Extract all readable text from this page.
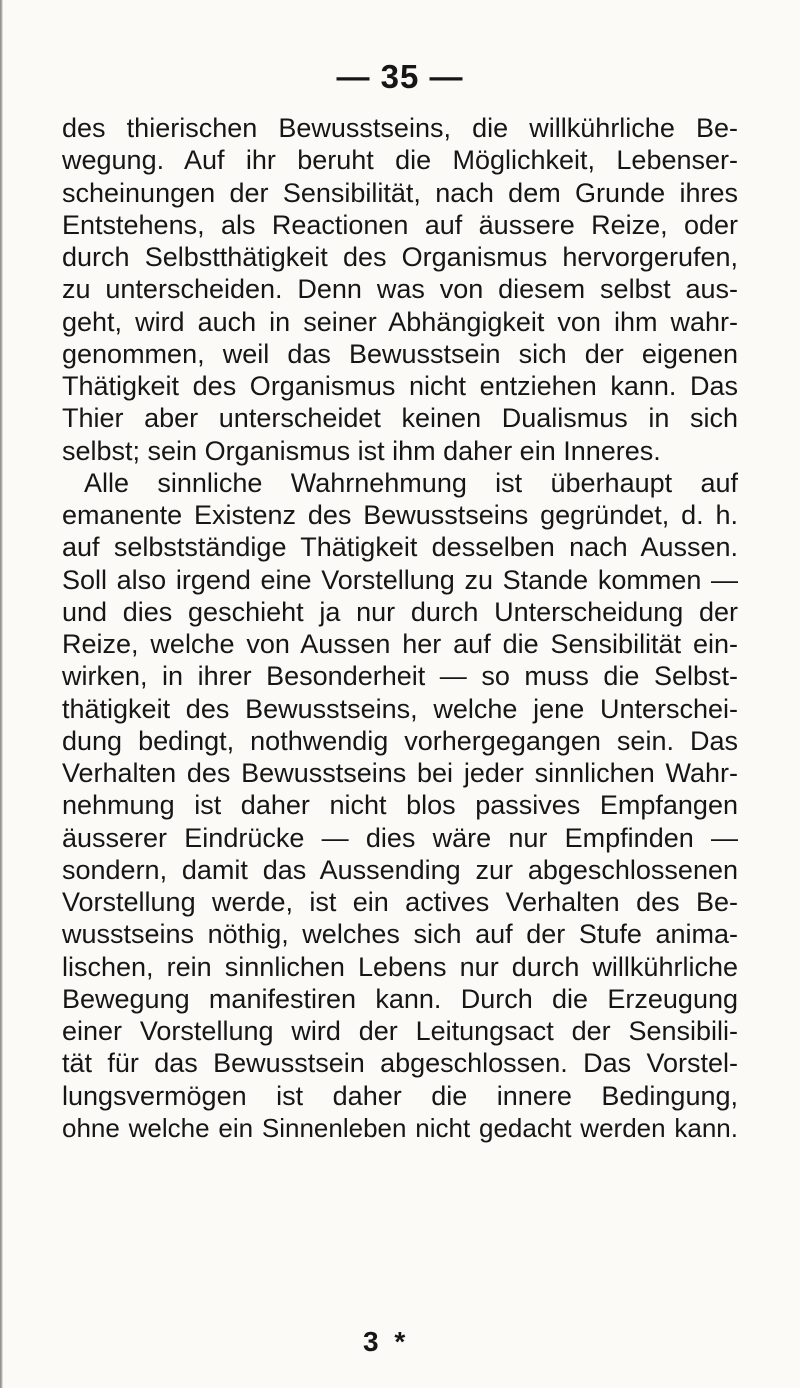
— 35 —
des thierischen Bewusstseins, die willkührliche Be-
wegung. Auf ihr beruht die Möglichkeit, Lebenser-
scheinungen der Sensibilität, nach dem Grunde ihres
Entstehens, als Reactionen auf äussere Reize, oder
durch Selbstthätigkeit des Organismus hervorgerufen,
zu unterscheiden. Denn was von diesem selbst aus-
geht, wird auch in seiner Abhängigkeit von ihm wahr-
genommen, weil das Bewusstsein sich der eigenen
Thätigkeit des Organismus nicht entziehen kann. Das
Thier aber unterscheidet keinen Dualismus in sich
selbst; sein Organismus ist ihm daher ein Inneres.
Alle sinnliche Wahrnehmung ist überhaupt auf
emanente Existenz des Bewusstseins gegründet, d. h.
auf selbstständige Thätigkeit desselben nach Aussen.
Soll also irgend eine Vorstellung zu Stande kommen —
und dies geschieht ja nur durch Unterscheidung der
Reize, welche von Aussen her auf die Sensibilität ein-
wirken, in ihrer Besonderheit — so muss die Selbst-
thätigkeit des Bewusstseins, welche jene Unterschei-
dung bedingt, nothwendig vorhergegangen sein. Das
Verhalten des Bewusstseins bei jeder sinnlichen Wahr-
nehmung ist daher nicht blos passives Empfangen
äusserer Eindrücke — dies wäre nur Empfinden —
sondern, damit das Aussending zur abgeschlossenen
Vorstellung werde, ist ein actives Verhalten des Be-
wusstseins nöthig, welches sich auf der Stufe anima-
lischen, rein sinnlichen Lebens nur durch willkührliche
Bewegung manifestiren kann. Durch die Erzeugung
einer Vorstellung wird der Leitungsact der Sensibili-
tät für das Bewusstsein abgeschlossen. Das Vorstel-
lungsvermögen ist daher die innere Bedingung,
ohne welche ein Sinnenleben nicht gedacht werden kann.
3 *
